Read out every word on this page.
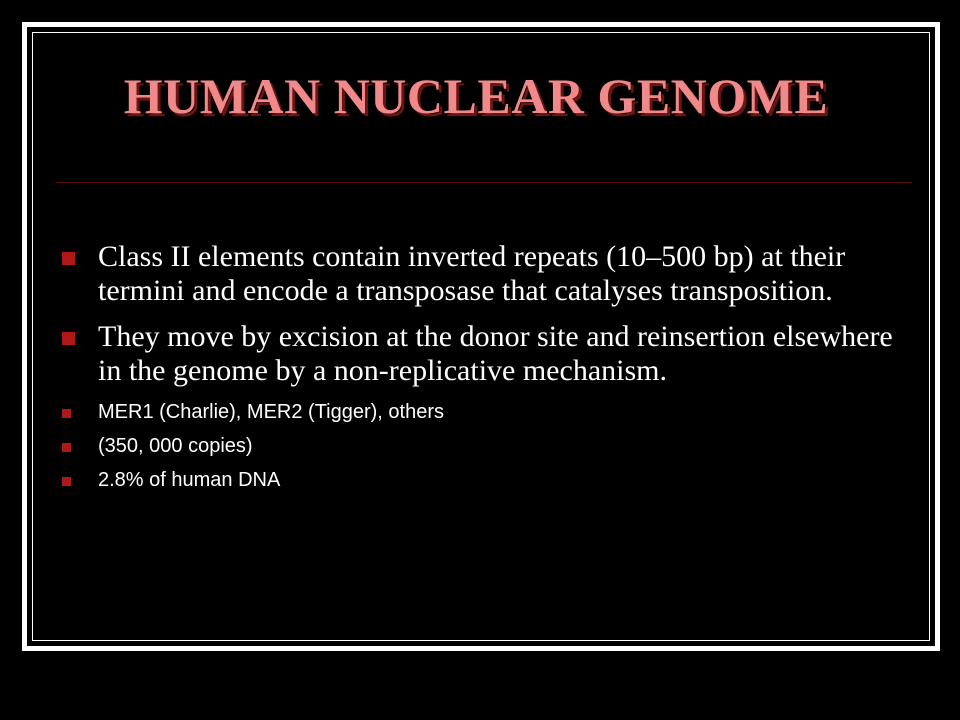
HUMAN NUCLEAR GENOME
Class II elements contain inverted repeats (10–500 bp) at their termini and encode a transposase that catalyses transposition.
They move by excision at the donor site and reinsertion elsewhere in the genome by a non-replicative mechanism.
MER1 (Charlie), MER2 (Tigger), others
(350, 000 copies)
2.8% of human DNA
